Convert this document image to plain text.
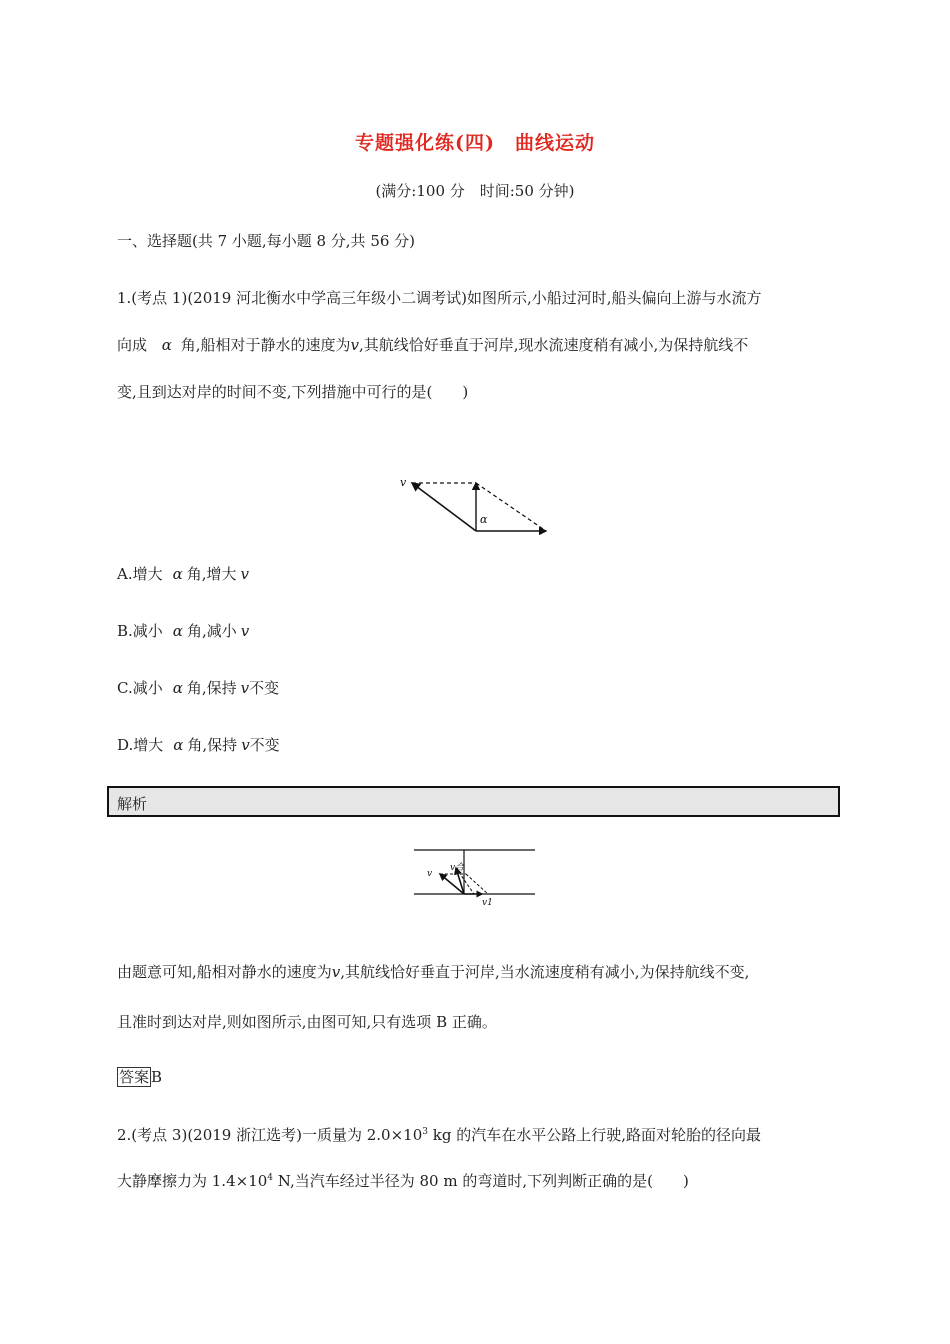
专题强化练(四)　曲线运动
(满分:100 分　时间:50 分钟)
一、选择题(共 7 小题,每小题 8 分,共 56 分)
1.(考点 1)(2019 河北衡水中学高三年级小二调考试)如图所示,小船过河时,船头偏向上游与水流方
向成 α 角,船相对于静水的速度为v,其航线恰好垂直于河岸,现水流速度稍有减小,为保持航线不
变,且到达对岸的时间不变,下列措施中可行的是(　　)
v
α
A.增大 α 角,增大 v
B.减小 α 角,减小 v
C.减小 α 角,保持 v不变
D.增大 α 角,保持 v不变
解析
v
v合
v1
由题意可知,船相对静水的速度为v,其航线恰好垂直于河岸,当水流速度稍有减小,为保持航线不变,
且准时到达对岸,则如图所示,由图可知,只有选项 B 正确。
答案 B
2.(考点 3)(2019 浙江选考)一质量为 $2.0\times 10^3$ kg 的汽车在水平公路上行驶,路面对轮胎的径向最
大静摩擦力为 $1.4\times 10^4$ N,当汽车经过半径为 80 m 的弯道时,下列判断正确的是(　　)
